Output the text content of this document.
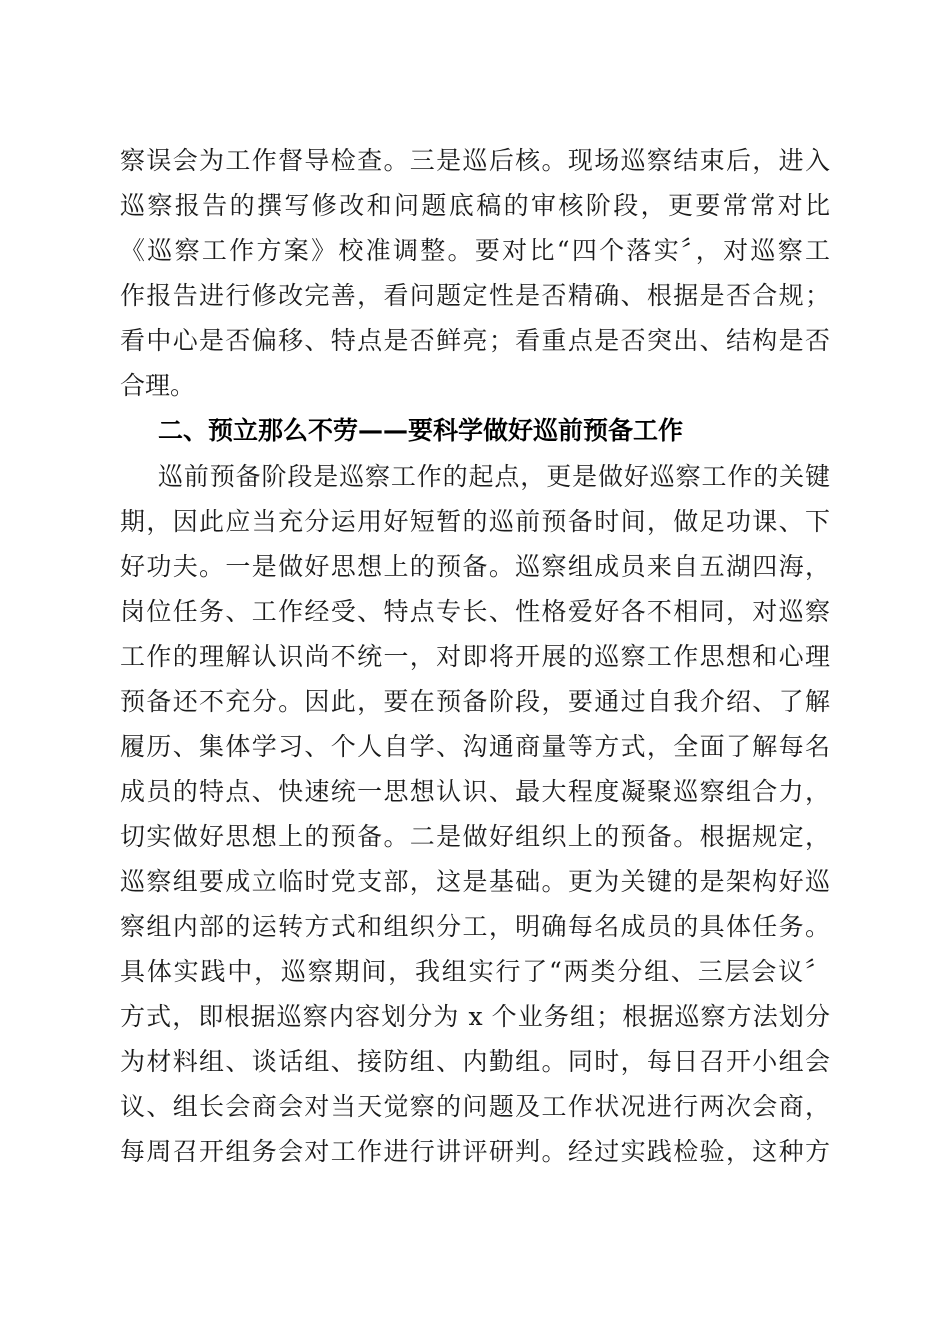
察误会为工作督导检查。三是巡后核。现场巡察结束后，进入
巡察报告的撰写修改和问题底稿的审核阶段，更要常常对比
《巡察工作方案》校准调整。要对比“四个落实〞，对巡察工
作报告进行修改完善，看问题定性是否精确、根据是否合规；
看中心是否偏移、特点是否鲜亮；看重点是否突出、结构是否
合理。
二、预立那么不劳——要科学做好巡前预备工作
巡前预备阶段是巡察工作的起点，更是做好巡察工作的关键
期，因此应当充分运用好短暂的巡前预备时间，做足功课、下
好功夫。一是做好思想上的预备。巡察组成员来自五湖四海，
岗位任务、工作经受、特点专长、性格爱好各不相同，对巡察
工作的理解认识尚不统一，对即将开展的巡察工作思想和心理
预备还不充分。因此，要在预备阶段，要通过自我介绍、了解
履历、集体学习、个人自学、沟通商量等方式，全面了解每名
成员的特点、快速统一思想认识、最大程度凝聚巡察组合力，
切实做好思想上的预备。二是做好组织上的预备。根据规定，
巡察组要成立临时党支部，这是基础。更为关键的是架构好巡
察组内部的运转方式和组织分工，明确每名成员的具体任务。
具体实践中，巡察期间，我组实行了“两类分组、三层会议〞
方式，即根据巡察内容划分为 x 个业务组；根据巡察方法划分
为材料组、谈话组、接防组、内勤组。同时，每日召开小组会
议、组长会商会对当天觉察的问题及工作状况进行两次会商，
每周召开组务会对工作进行讲评研判。经过实践检验，这种方
